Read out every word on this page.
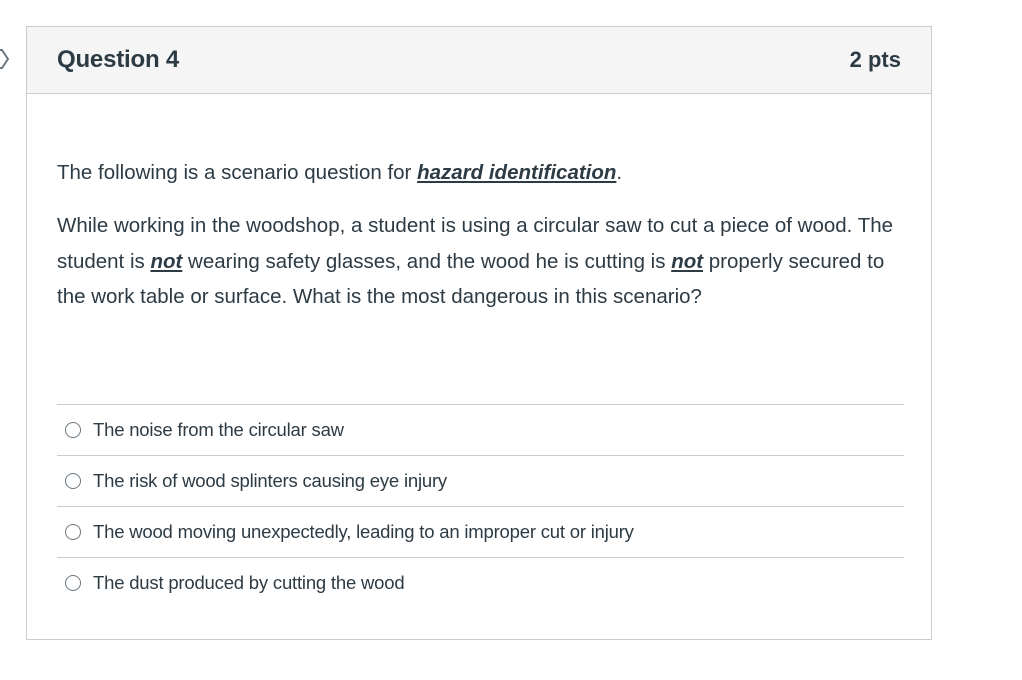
Question 4	2 pts

The following is a scenario question for hazard identification.

While working in the woodshop, a student is using a circular saw to cut a piece of wood. The student is not wearing safety glasses, and the wood he is cutting is not properly secured to the work table or surface. What is the most dangerous in this scenario?

The noise from the circular saw
The risk of wood splinters causing eye injury
The wood moving unexpectedly, leading to an improper cut or injury
The dust produced by cutting the wood
